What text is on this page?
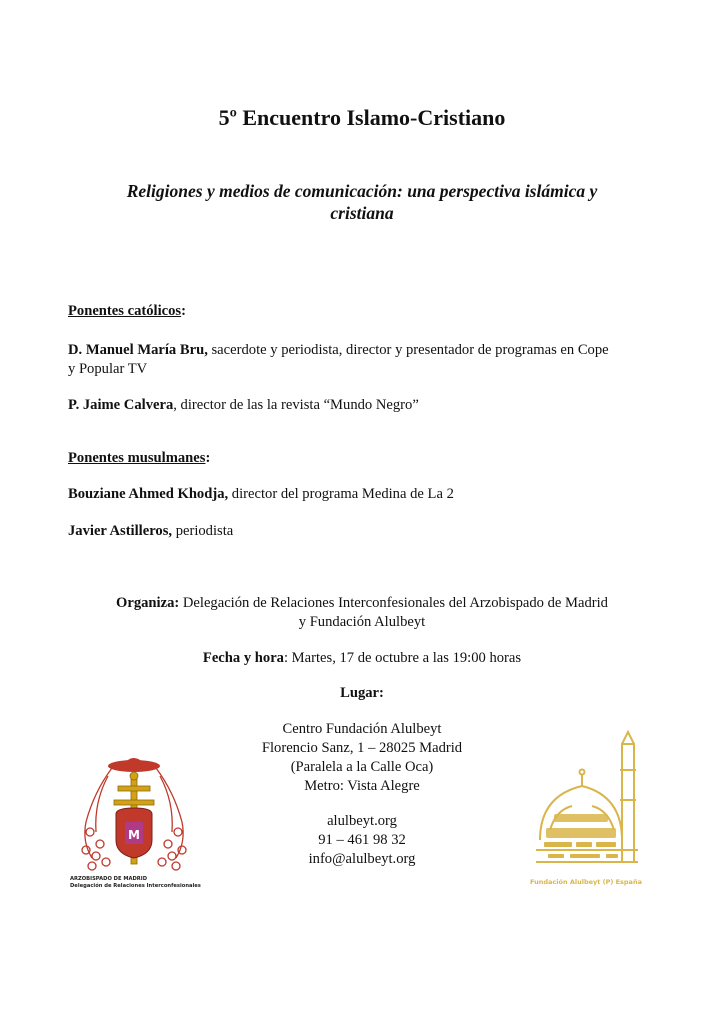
5º Encuentro Islamo-Cristiano
Religiones y medios de comunicación: una perspectiva islámica y
cristiana
Ponentes católicos:
D. Manuel María Bru, sacerdote y periodista, director y presentador de programas en Cope
y Popular TV
P. Jaime Calvera, director de las la revista “Mundo Negro”
Ponentes musulmanes:
Bouziane Ahmed Khodja, director del programa Medina de La 2
Javier Astilleros, periodista
Organiza: Delegación de Relaciones Interconfesionales del Arzobispado de Madrid
y Fundación Alulbeyt
Fecha y hora: Martes, 17 de octubre a las 19:00 horas
Lugar:
Centro Fundación Alulbeyt
Florencio Sanz, 1 – 28025 Madrid
(Paralela a la Calle Oca)
Metro: Vista Alegre
alulbeyt.org
91 – 461 98 32
info@alulbeyt.org
M
ARZOBISPADO DE MADRID
Delegación de Relaciones Interconfesionales	Fundación Alulbeyt (P) España
